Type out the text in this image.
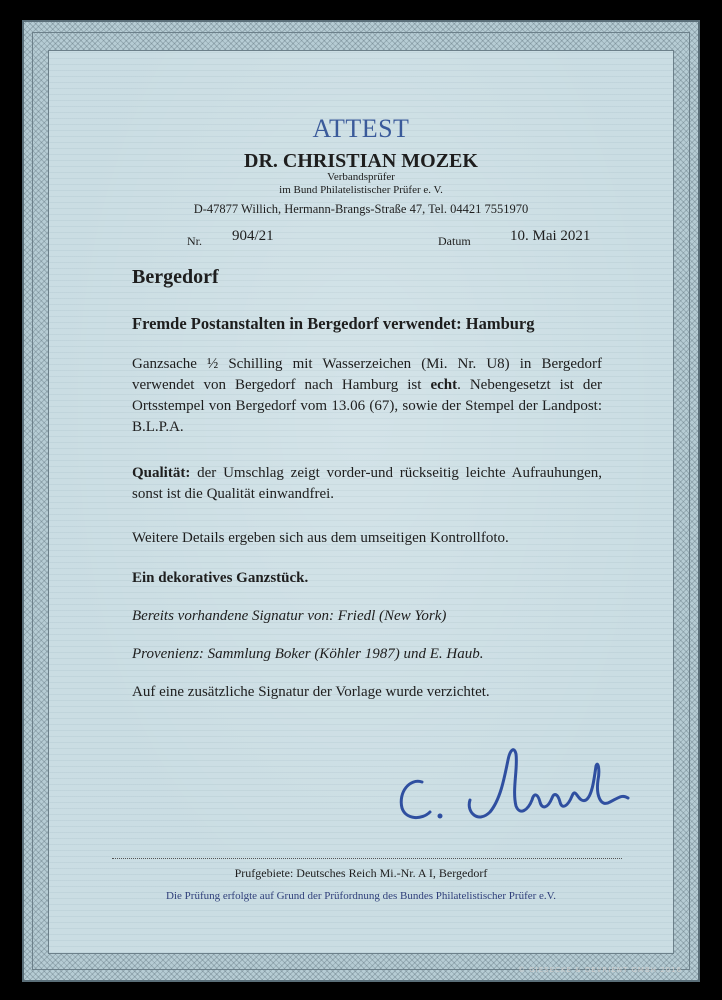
ATTEST
DR. CHRISTIAN MOZEK
Verbandsprüfer
im Bund Philatelistischer Prüfer e. V.
D-47877 Willich, Hermann-Brangs-Straße 47, Tel. 04421 7551970
Nr. 904/21	Datum	10. Mai 2021
Bergedorf
Fremde Postanstalten in Bergedorf verwendet: Hamburg
Ganzsache ½ Schilling mit Wasserzeichen (Mi. Nr. U8) in Bergedorf verwendet von Bergedorf nach Hamburg ist echt. Nebengesetzt ist der Ortsstempel von Bergedorf vom 13.06 (67), sowie der Stempel der Landpost: B.L.P.A.
Qualität: der Umschlag zeigt vorder-und rückseitig leichte Aufrauhungen, sonst ist die Qualität einwandfrei.
Weitere Details ergeben sich aus dem umseitigen Kontrollfoto.
Ein dekoratives Ganzstück.
Bereits vorhandene Signatur von: Friedl (New York)
Provenienz: Sammlung Boker (Köhler 1987) und E. Haub.
Auf eine zusätzliche Signatur der Vorlage wurde verzichtet.
Prufgebiete: Deutsches Reich Mi.-Nr. A I, Bergedorf
Die Prüfung erfolgte auf Grund der Prüfordnung des Bundes Philatelistischer Prüfer e.V.
© GIESECKE & DEVRIENT GMBH 2016
